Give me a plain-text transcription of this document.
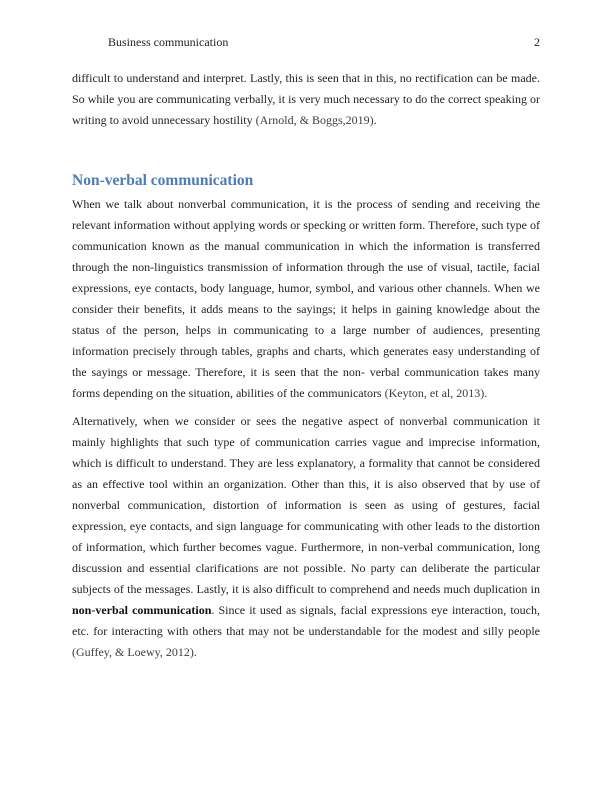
Business communication	2

difficult to understand and interpret. Lastly, this is seen that in this, no rectification can be made. So while you are communicating verbally, it is very much necessary to do the correct speaking or writing to avoid unnecessary hostility (Arnold, & Boggs,2019).

Non-verbal communication

When we talk about nonverbal communication, it is the process of sending and receiving the relevant information without applying words or specking or written form. Therefore, such type of communication known as the manual communication in which the information is transferred through the non-linguistics transmission of information through the use of visual, tactile, facial expressions, eye contacts, body language, humor, symbol, and various other channels. When we consider their benefits, it adds means to the sayings; it helps in gaining knowledge about the status of the person, helps in communicating to a large number of audiences, presenting information precisely through tables, graphs and charts, which generates easy understanding of the sayings or message. Therefore, it is seen that the non- verbal communication takes many forms depending on the situation, abilities of the communicators (Keyton, et al, 2013).

Alternatively, when we consider or sees the negative aspect of nonverbal communication it mainly highlights that such type of communication carries vague and imprecise information, which is difficult to understand. They are less explanatory, a formality that cannot be considered as an effective tool within an organization. Other than this, it is also observed that by use of nonverbal communication, distortion of information is seen as using of gestures, facial expression, eye contacts, and sign language for communicating with other leads to the distortion of information, which further becomes vague. Furthermore, in non-verbal communication, long discussion and essential clarifications are not possible. No party can deliberate the particular subjects of the messages. Lastly, it is also difficult to comprehend and needs much duplication in non-verbal communication. Since it used as signals, facial expressions eye interaction, touch, etc. for interacting with others that may not be understandable for the modest and silly people (Guffey, & Loewy, 2012).
